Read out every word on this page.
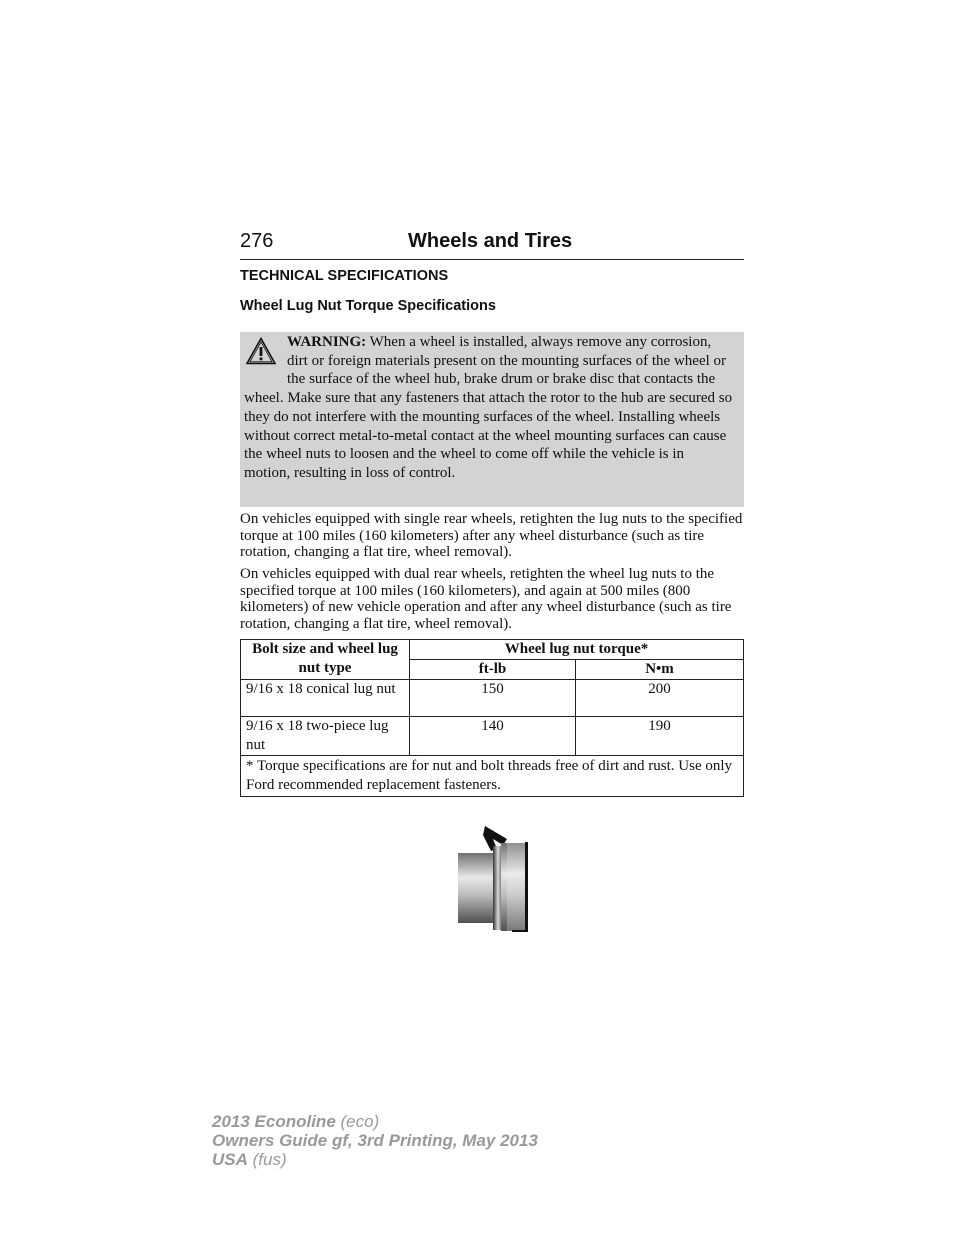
276	Wheels and Tires
TECHNICAL SPECIFICATIONS
Wheel Lug Nut Torque Specifications

WARNING: When a wheel is installed, always remove any corrosion, dirt or foreign materials present on the mounting surfaces of the wheel or the surface of the wheel hub, brake drum or brake disc that contacts the wheel. Make sure that any fasteners that attach the rotor to the hub are secured so they do not interfere with the mounting surfaces of the wheel. Installing wheels without correct metal-to-metal contact at the wheel mounting surfaces can cause the wheel nuts to loosen and the wheel to come off while the vehicle is in motion, resulting in loss of control.

On vehicles equipped with single rear wheels, retighten the lug nuts to the specified torque at 100 miles (160 kilometers) after any wheel disturbance (such as tire rotation, changing a flat tire, wheel removal).

On vehicles equipped with dual rear wheels, retighten the wheel lug nuts to the specified torque at 100 miles (160 kilometers), and again at 500 miles (800 kilometers) of new vehicle operation and after any wheel disturbance (such as tire rotation, changing a flat tire, wheel removal).

Bolt size and wheel lug nut type	Wheel lug nut torque*	
	ft-lb	N•m
9/16 x 18 conical lug nut	150	200
9/16 x 18 two-piece lug nut	140	190
* Torque specifications are for nut and bolt threads free of dirt and rust. Use only Ford recommended replacement fasteners.		
2013 Econoline (eco)
Owners Guide gf, 3rd Printing, May 2013
USA (fus)
